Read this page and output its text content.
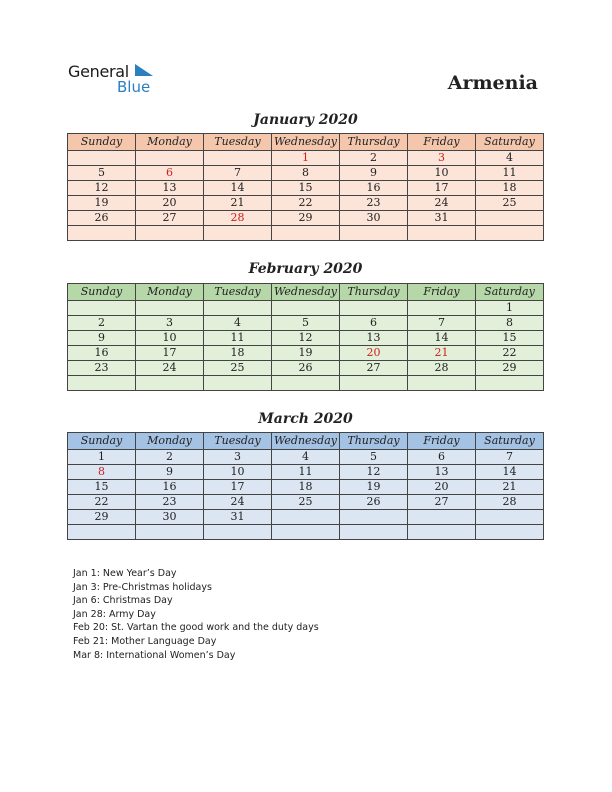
General
Blue	Armenia
January 2020
Sunday	Monday	Tuesday	Wednesday	Thursday	Friday	Saturday
			1	2	3	4
5	6	7	8	9	10	11
12	13	14	15	16	17	18
19	20	21	22	23	24	25
26	27	28	29	30	31	

February 2020
Sunday	Monday	Tuesday	Wednesday	Thursday	Friday	Saturday
						1
2	3	4	5	6	7	8
9	10	11	12	13	14	15
16	17	18	19	20	21	22
23	24	25	26	27	28	29

March 2020
Sunday	Monday	Tuesday	Wednesday	Thursday	Friday	Saturday
1	2	3	4	5	6	7
8	9	10	11	12	13	14
15	16	17	18	19	20	21
22	23	24	25	26	27	28
29	30	31				

Jan 1: New Year’s Day
Jan 3: Pre-Christmas holidays
Jan 6: Christmas Day
Jan 28: Army Day
Feb 20: St. Vartan the good work and the duty days
Feb 21: Mother Language Day
Mar 8: International Women’s Day
